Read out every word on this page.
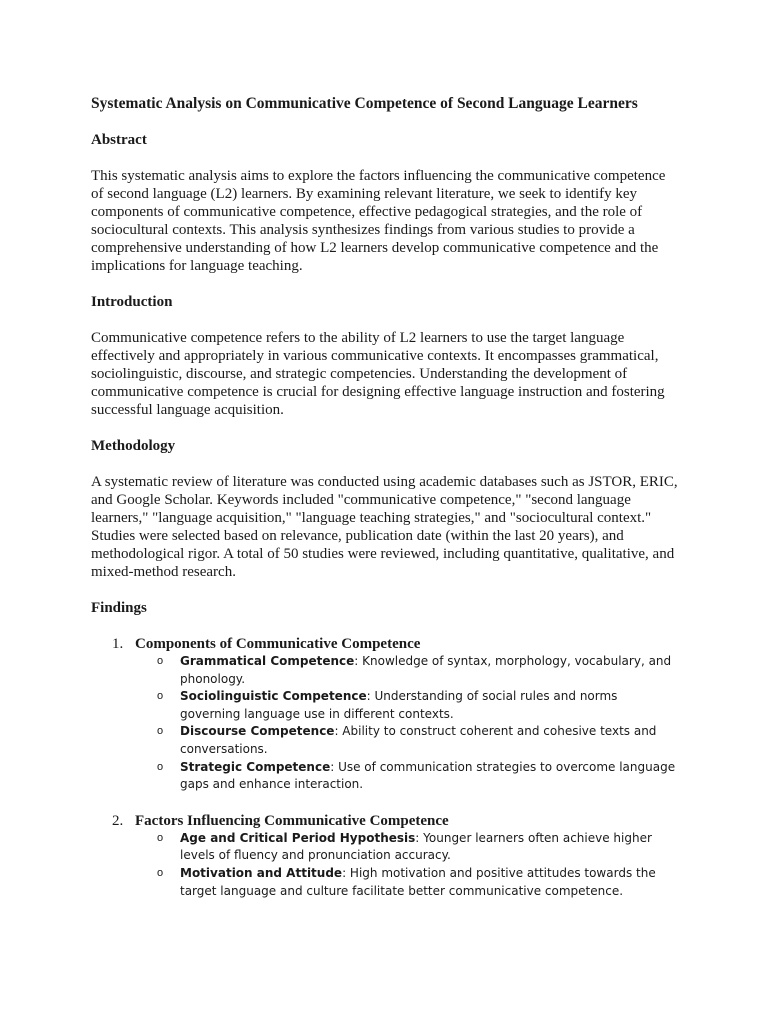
Systematic Analysis on Communicative Competence of Second Language Learners
Abstract

This systematic analysis aims to explore the factors influencing the communicative competence of second language (L2) learners. By examining relevant literature, we seek to identify key components of communicative competence, effective pedagogical strategies, and the role of sociocultural contexts. This analysis synthesizes findings from various studies to provide a comprehensive understanding of how L2 learners develop communicative competence and the implications for language teaching.

Introduction

Communicative competence refers to the ability of L2 learners to use the target language effectively and appropriately in various communicative contexts. It encompasses grammatical, sociolinguistic, discourse, and strategic competencies. Understanding the development of communicative competence is crucial for designing effective language instruction and fostering successful language acquisition.

Methodology

A systematic review of literature was conducted using academic databases such as JSTOR, ERIC, and Google Scholar. Keywords included "communicative competence," "second language learners," "language acquisition," "language teaching strategies," and "sociocultural context." Studies were selected based on relevance, publication date (within the last 20 years), and methodological rigor. A total of 50 studies were reviewed, including quantitative, qualitative, and mixed-method research.

Findings
1. Components of Communicative Competence
o Grammatical Competence: Knowledge of syntax, morphology, vocabulary, and phonology.
o Sociolinguistic Competence: Understanding of social rules and norms governing language use in different contexts.
o Discourse Competence: Ability to construct coherent and cohesive texts and conversations.
o Strategic Competence: Use of communication strategies to overcome language gaps and enhance interaction.
2. Factors Influencing Communicative Competence
o Age and Critical Period Hypothesis: Younger learners often achieve higher levels of fluency and pronunciation accuracy.
o Motivation and Attitude: High motivation and positive attitudes towards the target language and culture facilitate better communicative competence.
